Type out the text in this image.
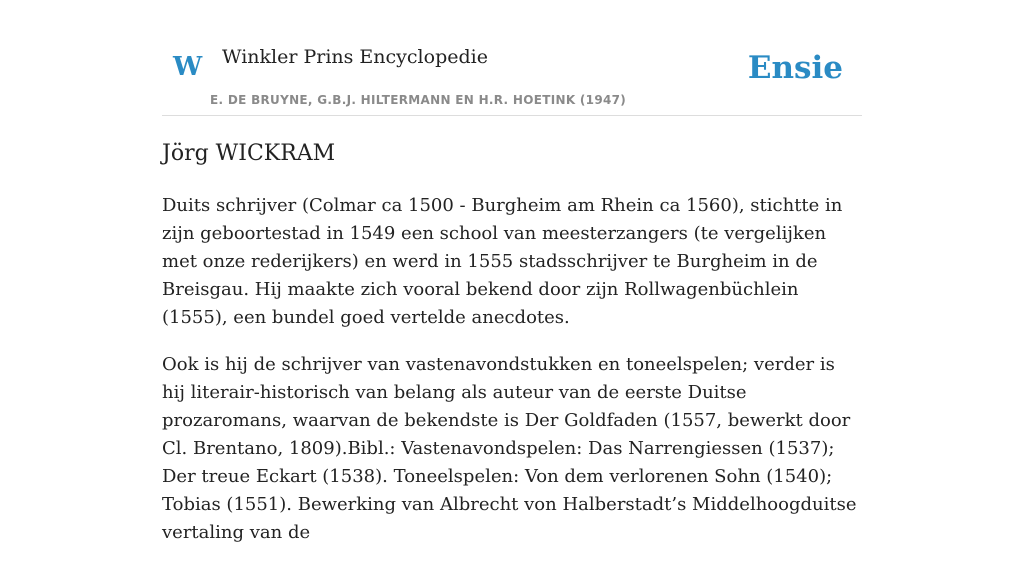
W Winkler Prins Encyclopedie
E. DE BRUYNE, G.B.J. HILTERMANN EN H.R. HOETINK (1947)
Ensie
Jörg WICKRAM

Duits schrijver (Colmar ca 1500 - Burgheim am Rhein ca 1560), stichtte in zijn geboortestad in 1549 een school van meesterzangers (te vergelijken met onze rederijkers) en werd in 1555 stadsschrijver te Burgheim in de Breisgau. Hij maakte zich vooral bekend door zijn Rollwagenbüchlein (1555), een bundel goed vertelde anecdotes.

Ook is hij de schrijver van vastenavondstukken en toneelspelen; verder is hij literair-historisch van belang als auteur van de eerste Duitse prozaromans, waarvan de bekendste is Der Goldfaden (1557, bewerkt door Cl. Brentano, 1809).Bibl.: Vastenavondspelen: Das Narrengiessen (1537); Der treue Eckart (1538). Toneelspelen: Von dem verlorenen Sohn (1540); Tobias (1551). Bewerking van Albrecht von Halberstadt’s Middelhoogduitse vertaling van de
